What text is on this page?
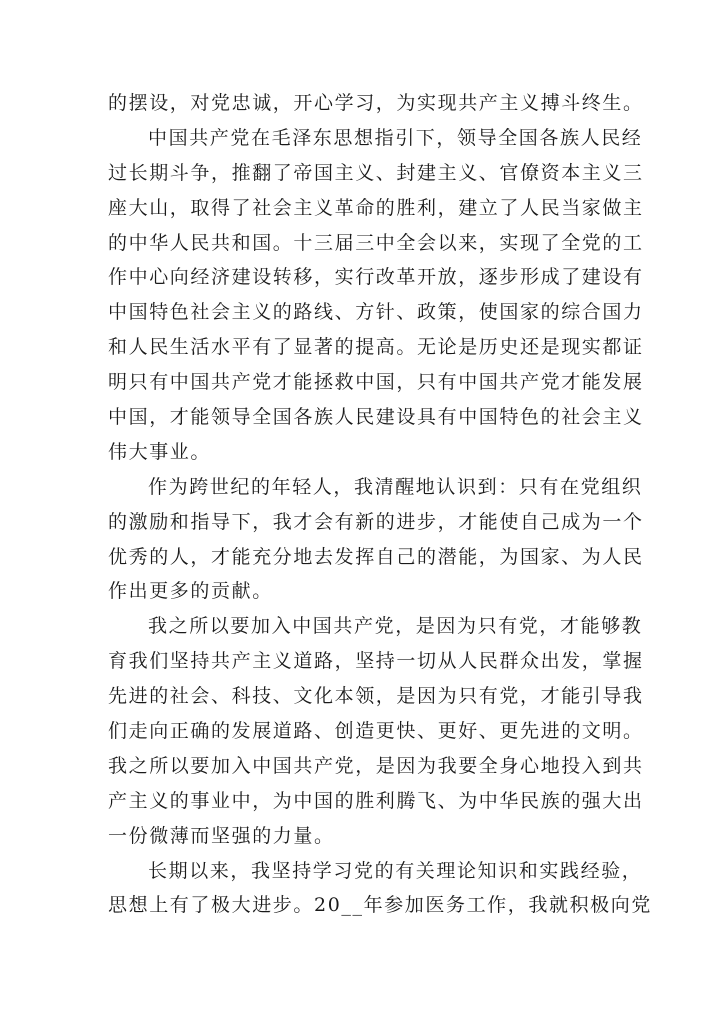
的摆设，对党忠诚，开心学习，为实现共产主义搏斗终生。
中国共产党在毛泽东思想指引下，领导全国各族人民经
过长期斗争，推翻了帝国主义、封建主义、官僚资本主义三
座大山，取得了社会主义革命的胜利，建立了人民当家做主
的中华人民共和国。十三届三中全会以来，实现了全党的工
作中心向经济建设转移，实行改革开放，逐步形成了建设有
中国特色社会主义的路线、方针、政策，使国家的综合国力
和人民生活水平有了显著的提高。无论是历史还是现实都证
明只有中国共产党才能拯救中国，只有中国共产党才能发展
中国，才能领导全国各族人民建设具有中国特色的社会主义
伟大事业。
作为跨世纪的年轻人，我清醒地认识到：只有在党组织
的激励和指导下，我才会有新的进步，才能使自己成为一个
优秀的人，才能充分地去发挥自己的潜能，为国家、为人民
作出更多的贡献。
我之所以要加入中国共产党，是因为只有党，才能够教
育我们坚持共产主义道路，坚持一切从人民群众出发，掌握
先进的社会、科技、文化本领，是因为只有党，才能引导我
们走向正确的发展道路、创造更快、更好、更先进的文明。
我之所以要加入中国共产党，是因为我要全身心地投入到共
产主义的事业中，为中国的胜利腾飞、为中华民族的强大出
一份微薄而坚强的力量。
长期以来，我坚持学习党的有关理论知识和实践经验，
思想上有了极大进步。20__年参加医务工作，我就积极向党
